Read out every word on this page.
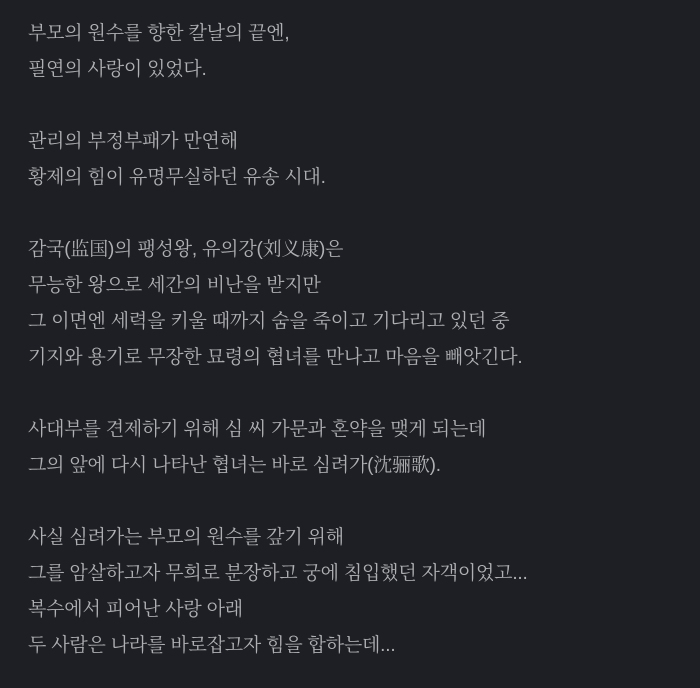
부모의 원수를 향한 칼날의 끝엔,
필연의 사랑이 있었다.

관리의 부정부패가 만연해
황제의 힘이 유명무실하던 유송 시대.

감국(监国)의 팽성왕, 유의강(刘义康)은
무능한 왕으로 세간의 비난을 받지만
그 이면엔 세력을 키울 때까지 숨을 죽이고 기다리고 있던 중
기지와 용기로 무장한 묘령의 협녀를 만나고 마음을 빼앗긴다.

사대부를 견제하기 위해 심 씨 가문과 혼약을 맺게 되는데
그의 앞에 다시 나타난 협녀는 바로 심려가(沈骊歌).

사실 심려가는 부모의 원수를 갚기 위해
그를 암살하고자 무희로 분장하고 궁에 침입했던 자객이었고...
복수에서 피어난 사랑 아래
두 사람은 나라를 바로잡고자 힘을 합하는데...
